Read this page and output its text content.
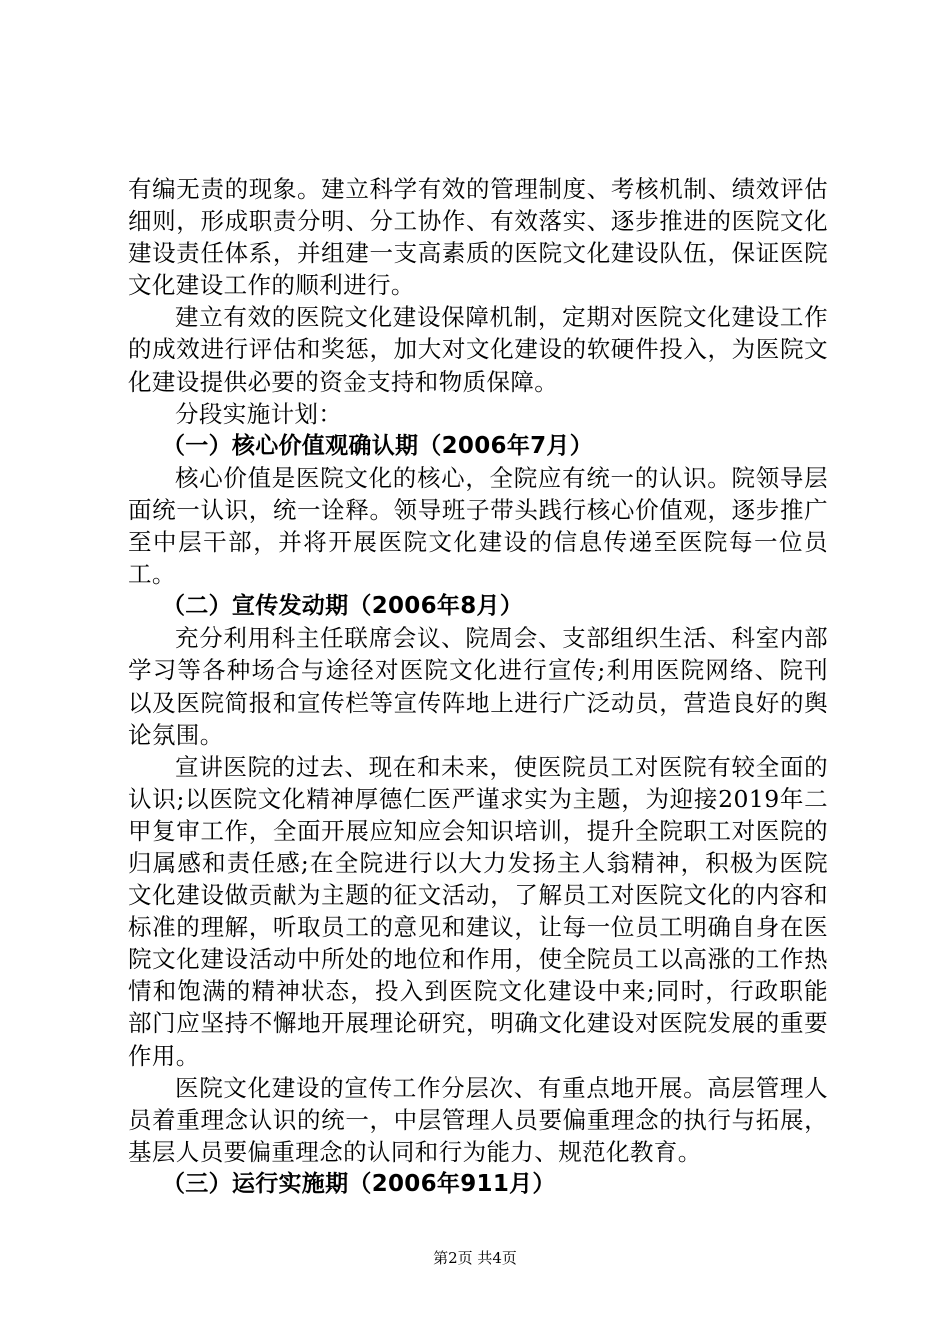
有编无责的现象。建立科学有效的管理制度、考核机制、绩效评估细则，形成职责分明、分工协作、有效落实、逐步推进的医院文化建设责任体系，并组建一支高素质的医院文化建设队伍，保证医院文化建设工作的顺利进行。

建立有效的医院文化建设保障机制，定期对医院文化建设工作的成效进行评估和奖惩，加大对文化建设的软硬件投入，为医院文化建设提供必要的资金支持和物质保障。

分段实施计划：

（一）核心价值观确认期（2006年7月）

核心价值是医院文化的核心，全院应有统一的认识。院领导层面统一认识，统一诠释。领导班子带头践行核心价值观，逐步推广至中层干部，并将开展医院文化建设的信息传递至医院每一位员工。

（二）宣传发动期（2006年8月）

充分利用科主任联席会议、院周会、支部组织生活、科室内部学习等各种场合与途径对医院文化进行宣传;利用医院网络、院刊以及医院简报和宣传栏等宣传阵地上进行广泛动员，营造良好的舆论氛围。

宣讲医院的过去、现在和未来，使医院员工对医院有较全面的认识;以医院文化精神厚德仁医严谨求实为主题，为迎接2019年二甲复审工作，全面开展应知应会知识培训，提升全院职工对医院的归属感和责任感;在全院进行以大力发扬主人翁精神，积极为医院文化建设做贡献为主题的征文活动，了解员工对医院文化的内容和标准的理解，听取员工的意见和建议，让每一位员工明确自身在医院文化建设活动中所处的地位和作用，使全院员工以高涨的工作热情和饱满的精神状态，投入到医院文化建设中来;同时，行政职能部门应坚持不懈地开展理论研究，明确文化建设对医院发展的重要作用。

医院文化建设的宣传工作分层次、有重点地开展。高层管理人员着重理念认识的统一，中层管理人员要偏重理念的执行与拓展，基层人员要偏重理念的认同和行为能力、规范化教育。

（三）运行实施期（2006年911月）

第2页 共4页
